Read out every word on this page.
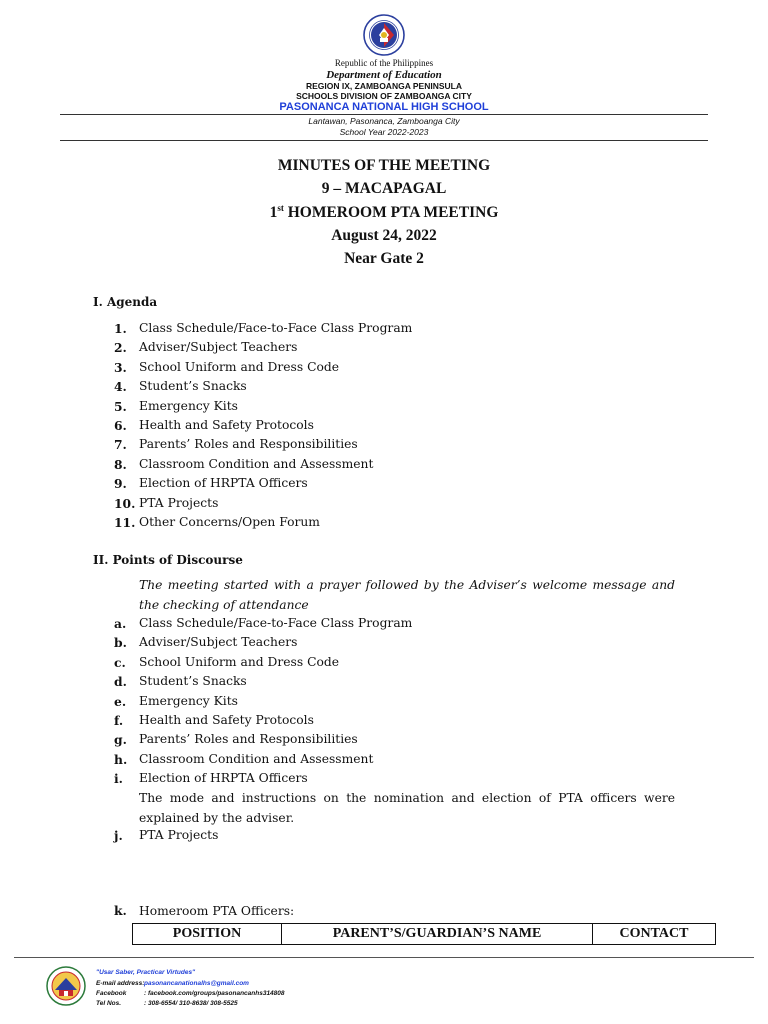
Republic of the Philippines
Department of Education
REGION IX, ZAMBOANGA PENINSULA
SCHOOLS DIVISION OF ZAMBOANGA CITY
PASONANCA NATIONAL HIGH SCHOOL
Lantawan, Pasonanca, Zamboanga City
School Year 2022-2023
MINUTES OF THE MEETING
9 – MACAPAGAL
1st HOMEROOM PTA MEETING
August 24, 2022
Near Gate 2
I. Agenda
1. Class Schedule/Face-to-Face Class Program
2. Adviser/Subject Teachers
3. School Uniform and Dress Code
4. Student’s Snacks
5. Emergency Kits
6. Health and Safety Protocols
7. Parents’ Roles and Responsibilities
8. Classroom Condition and Assessment
9. Election of HRPTA Officers
10. PTA Projects
11. Other Concerns/Open Forum
II. Points of Discourse
The meeting started with a prayer followed by the Adviser’s welcome message and the checking of attendance
a.	Class Schedule/Face-to-Face Class Program
b. Adviser/Subject Teachers
c.	School Uniform and Dress Code
d. Student’s Snacks
e.	Emergency Kits
f.	Health and Safety Protocols
g. Parents’ Roles and Responsibilities
h. Classroom Condition and Assessment
i.	Election of HRPTA Officers
The mode and instructions on the nomination and election of PTA officers were explained by the adviser.
j.	PTA Projects
k. Homeroom PTA Officers:
POSITION	PARENT’S/GUARDIAN’S NAME	CONTACT
"Usar Saber, Practicar Virtudes"
E-mail address:pasonancanationalhs@gmail.com
Facebook	: facebook.com/groups/pasonancanhs314808
Tel Nos.	: 308-6554/ 310-8638/ 308-5525
